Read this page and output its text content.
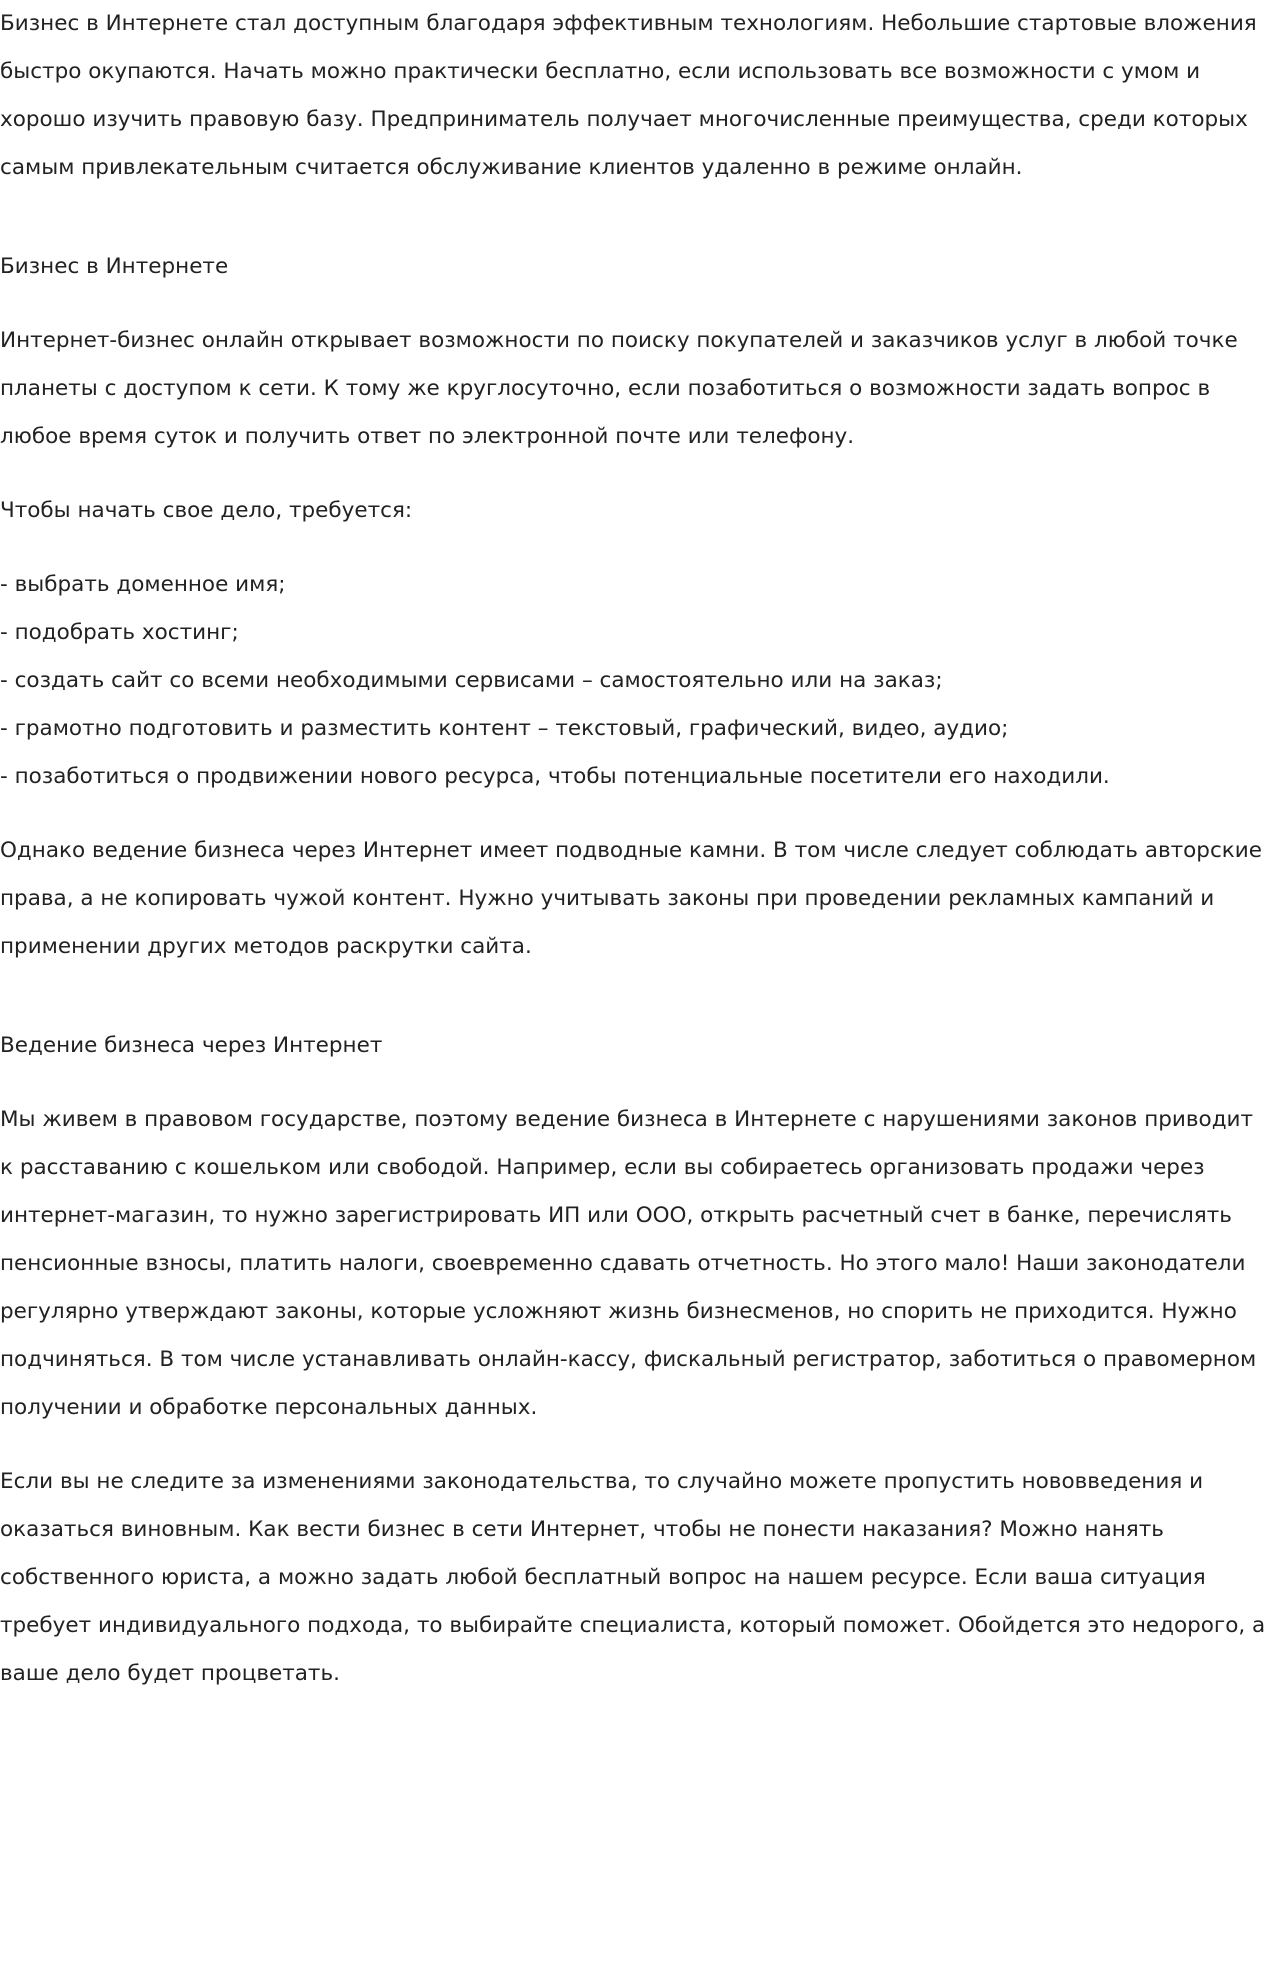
Бизнес в Интернете стал доступным благодаря эффективным технологиям. Небольшие стартовые вложения быстро окупаются. Начать можно практически бесплатно, если использовать все возможности с умом и хорошо изучить правовую базу. Предприниматель получает многочисленные преимущества, среди которых самым привлекательным считается обслуживание клиентов удаленно в режиме онлайн.

Бизнес в Интернете

Интернет-бизнес онлайн открывает возможности по поиску покупателей и заказчиков услуг в любой точке планеты с доступом к сети. К тому же круглосуточно, если позаботиться о возможности задать вопрос в любое время суток и получить ответ по электронной почте или телефону.

Чтобы начать свое дело, требуется:

- выбрать доменное имя;
- подобрать хостинг;
- создать сайт со всеми необходимыми сервисами – самостоятельно или на заказ;
- грамотно подготовить и разместить контент – текстовый, графический, видео, аудио;
- позаботиться о продвижении нового ресурса, чтобы потенциальные посетители его находили.

Однако ведение бизнеса через Интернет имеет подводные камни. В том числе следует соблюдать авторские права, а не копировать чужой контент. Нужно учитывать законы при проведении рекламных кампаний и применении других методов раскрутки сайта.

Ведение бизнеса через Интернет

Мы живем в правовом государстве, поэтому ведение бизнеса в Интернете с нарушениями законов приводит к расставанию с кошельком или свободой. Например, если вы собираетесь организовать продажи через интернет-магазин, то нужно зарегистрировать ИП или ООО, открыть расчетный счет в банке, перечислять пенсионные взносы, платить налоги, своевременно сдавать отчетность. Но этого мало! Наши законодатели регулярно утверждают законы, которые усложняют жизнь бизнесменов, но спорить не приходится. Нужно подчиняться. В том числе устанавливать онлайн-кассу, фискальный регистратор, заботиться о правомерном получении и обработке персональных данных.

Если вы не следите за изменениями законодательства, то случайно можете пропустить нововведения и оказаться виновным. Как вести бизнес в сети Интернет, чтобы не понести наказания? Можно нанять собственного юриста, а можно задать любой бесплатный вопрос на нашем ресурсе. Если ваша ситуация требует индивидуального подхода, то выбирайте специалиста, который поможет. Обойдется это недорого, а ваше дело будет процветать.
